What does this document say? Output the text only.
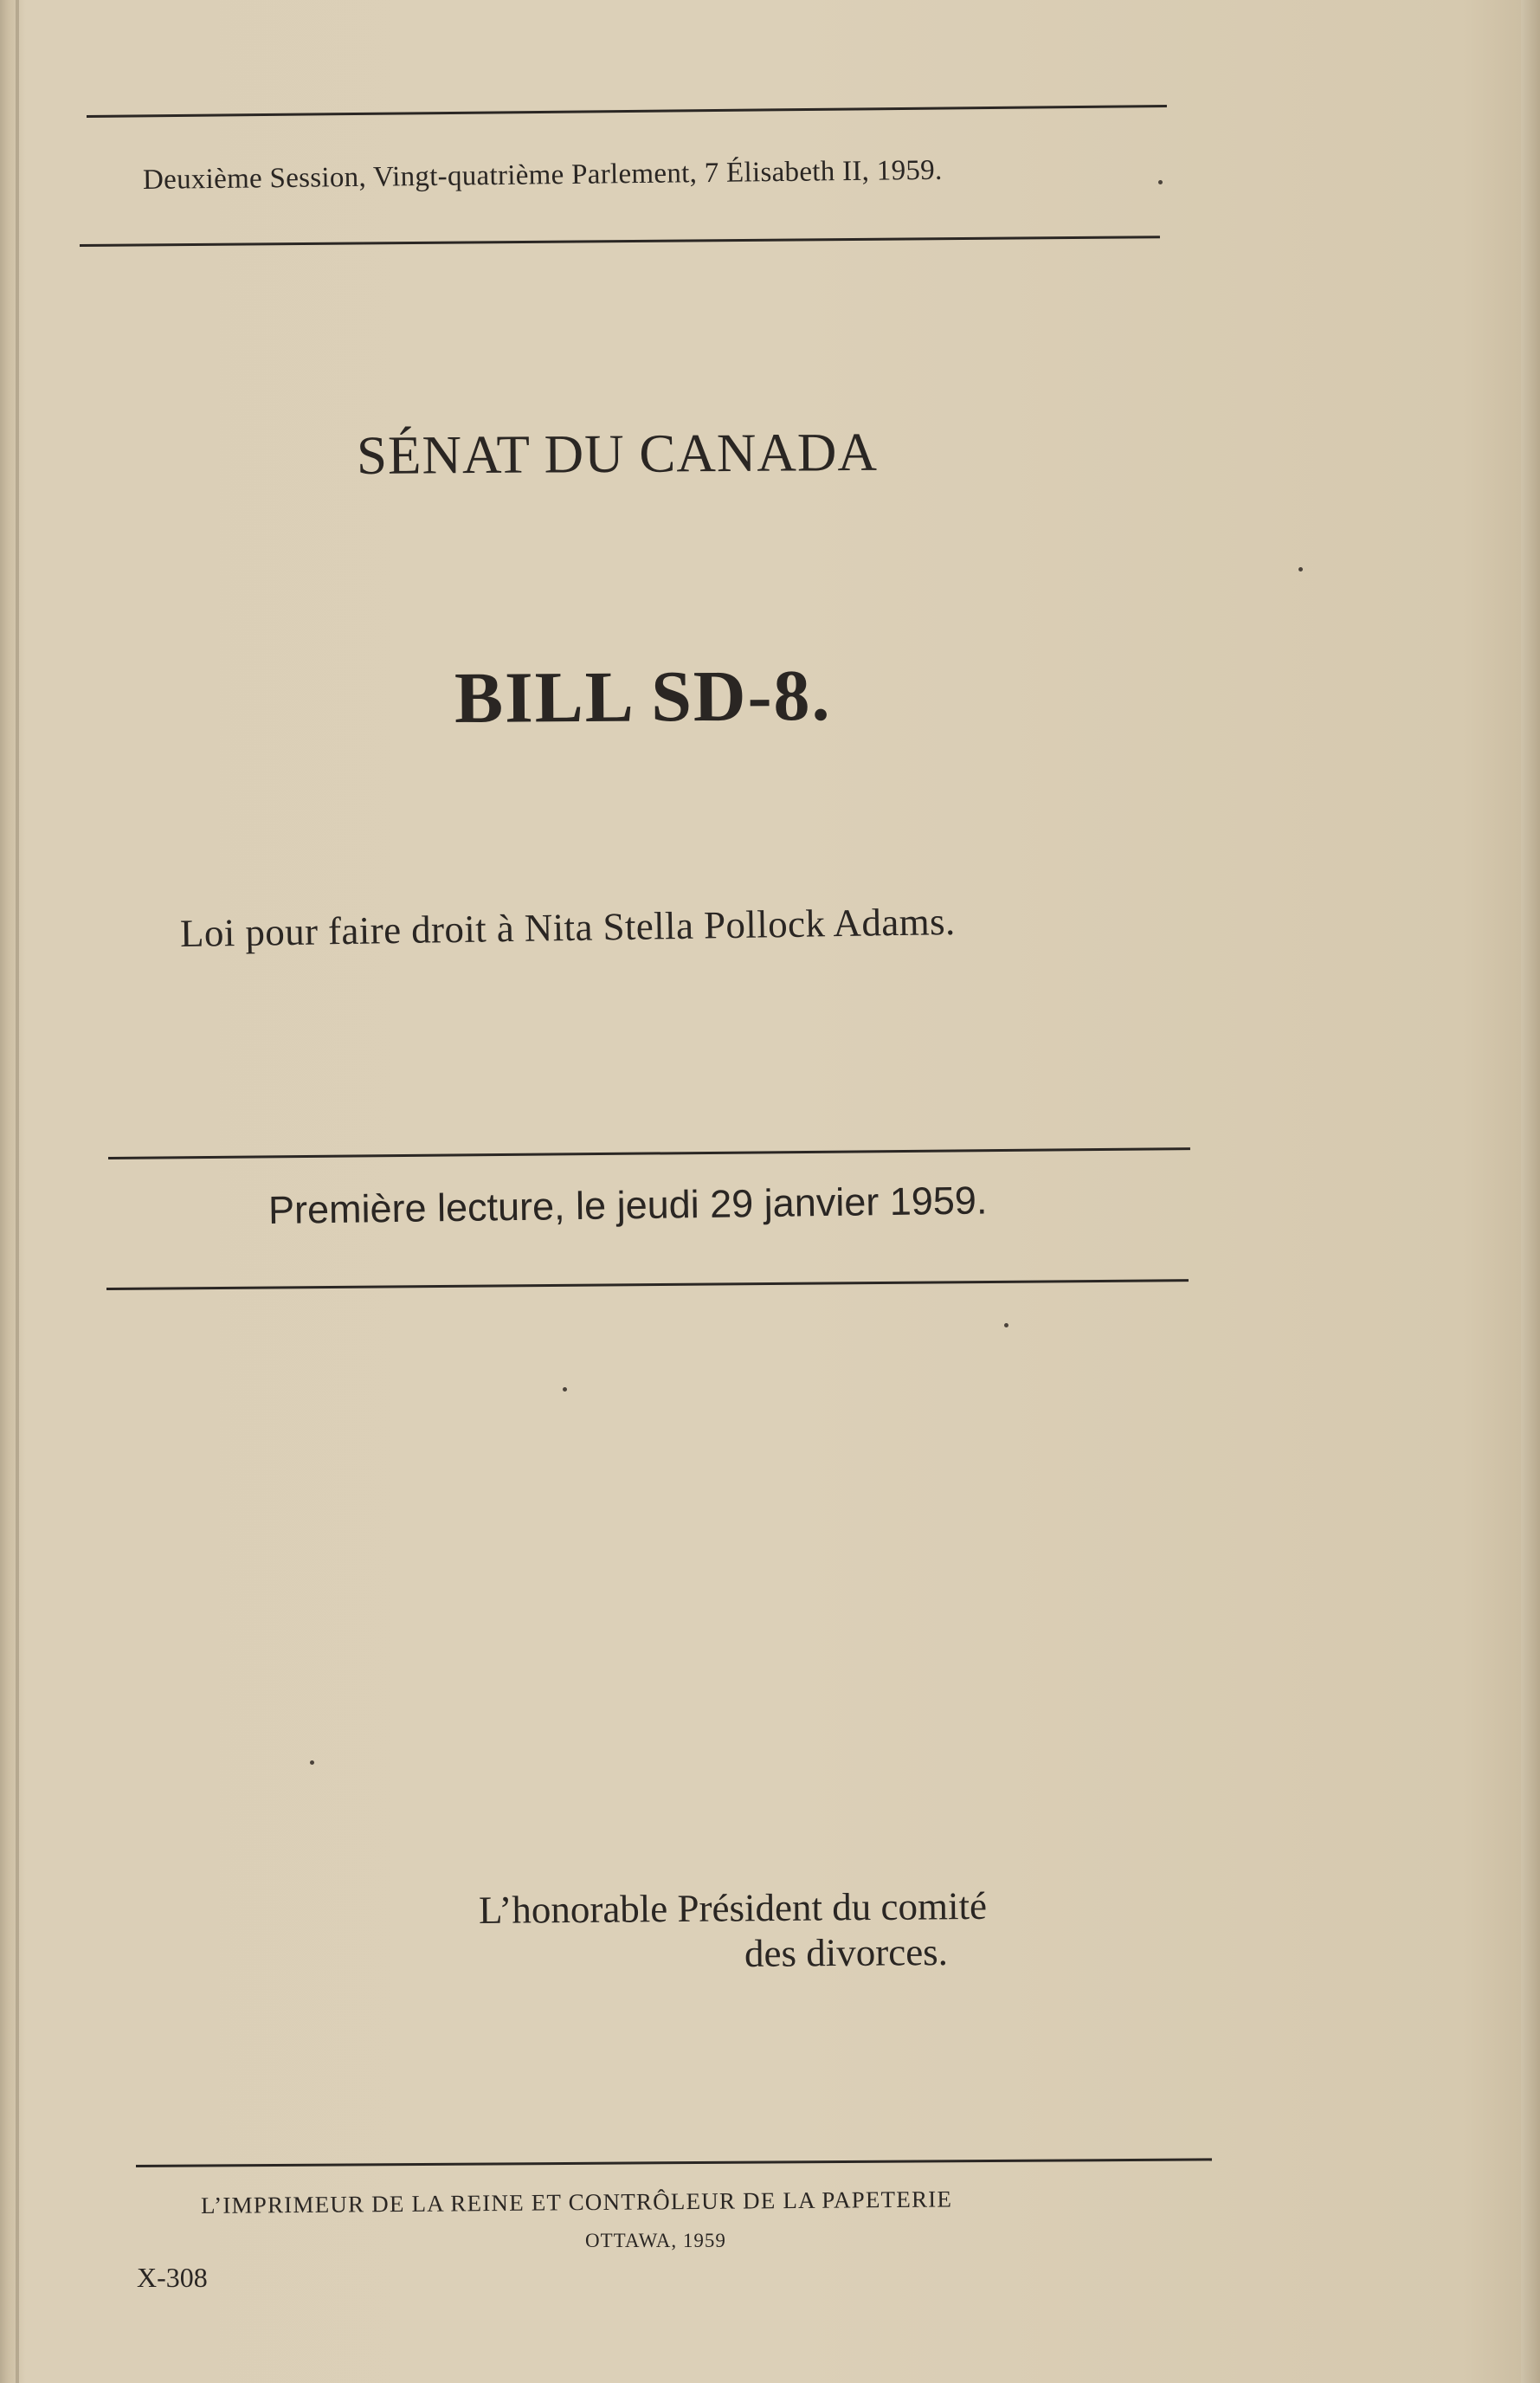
Deuxième Session, Vingt-quatrième Parlement, 7 Élisabeth II, 1959.
SÉNAT DU CANADA
BILL SD-8.
Loi pour faire droit à Nita Stella Pollock Adams.
Première lecture, le jeudi 29 janvier 1959.
L’honorable Président du comité
des divorces.
L’IMPRIMEUR DE LA REINE ET CONTRÔLEUR DE LA PAPETERIE
OTTAWA, 1959
X-308
